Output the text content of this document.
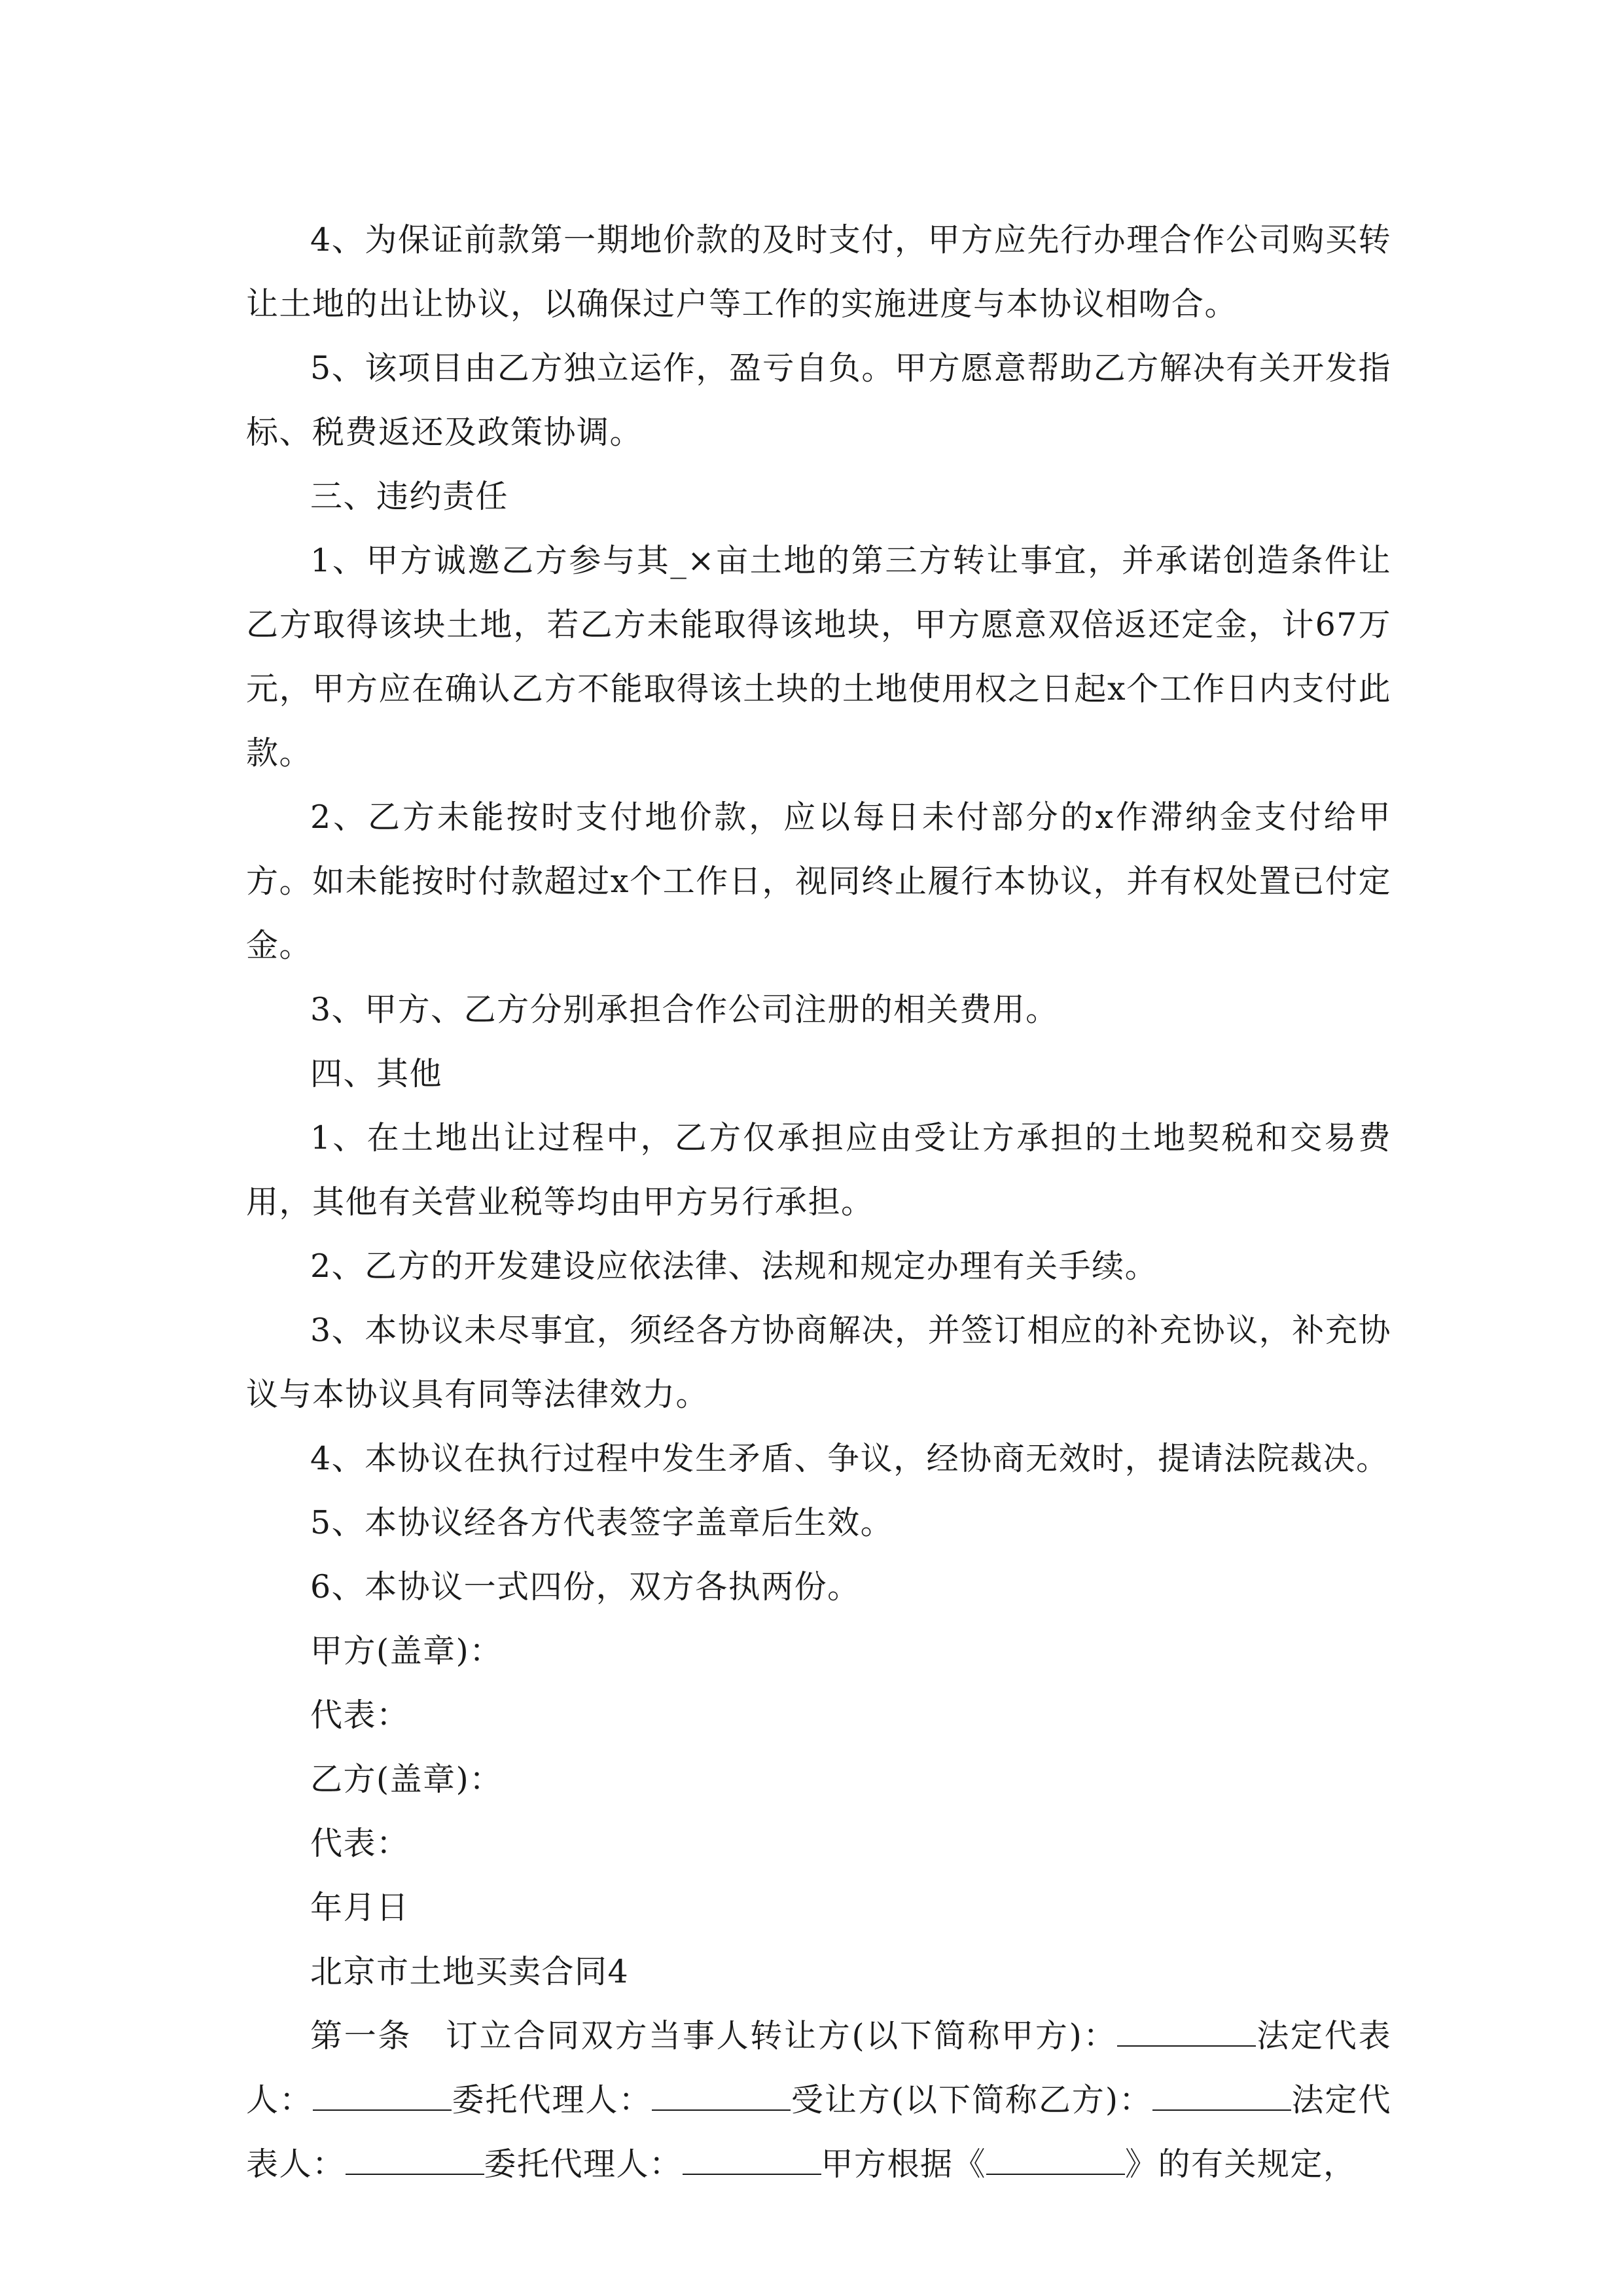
4、为保证前款第一期地价款的及时支付，甲方应先行办理合作公司购买转让土地的出让协议，以确保过户等工作的实施进度与本协议相吻合。

5、该项目由乙方独立运作，盈亏自负。甲方愿意帮助乙方解决有关开发指标、税费返还及政策协调。

三、违约责任

1、甲方诚邀乙方参与其_×亩土地的第三方转让事宜，并承诺创造条件让乙方取得该块土地，若乙方未能取得该地块，甲方愿意双倍返还定金，计67万元，甲方应在确认乙方不能取得该土块的土地使用权之日起x个工作日内支付此款。

2、乙方未能按时支付地价款，应以每日未付部分的x作滞纳金支付给甲方。如未能按时付款超过x个工作日，视同终止履行本协议，并有权处置已付定金。

3、甲方、乙方分别承担合作公司注册的相关费用。

四、其他

1、在土地出让过程中，乙方仅承担应由受让方承担的土地契税和交易费用，其他有关营业税等均由甲方另行承担。

2、乙方的开发建设应依法律、法规和规定办理有关手续。

3、本协议未尽事宜，须经各方协商解决，并签订相应的补充协议，补充协议与本协议具有同等法律效力。

4、本协议在执行过程中发生矛盾、争议，经协商无效时，提请法院裁决。

5、本协议经各方代表签字盖章后生效。

6、本协议一式四份，双方各执两份。

甲方(盖章)：

代表：

乙方(盖章)：

代表：

年月日

北京市土地买卖合同4

第一条　订立合同双方当事人转让方(以下简称甲方)：	法定代表人：	委托代理人：	受让方(以下简称乙方)：	法定代表人：	委托代理人：	甲方根据《	》的有关规定，
